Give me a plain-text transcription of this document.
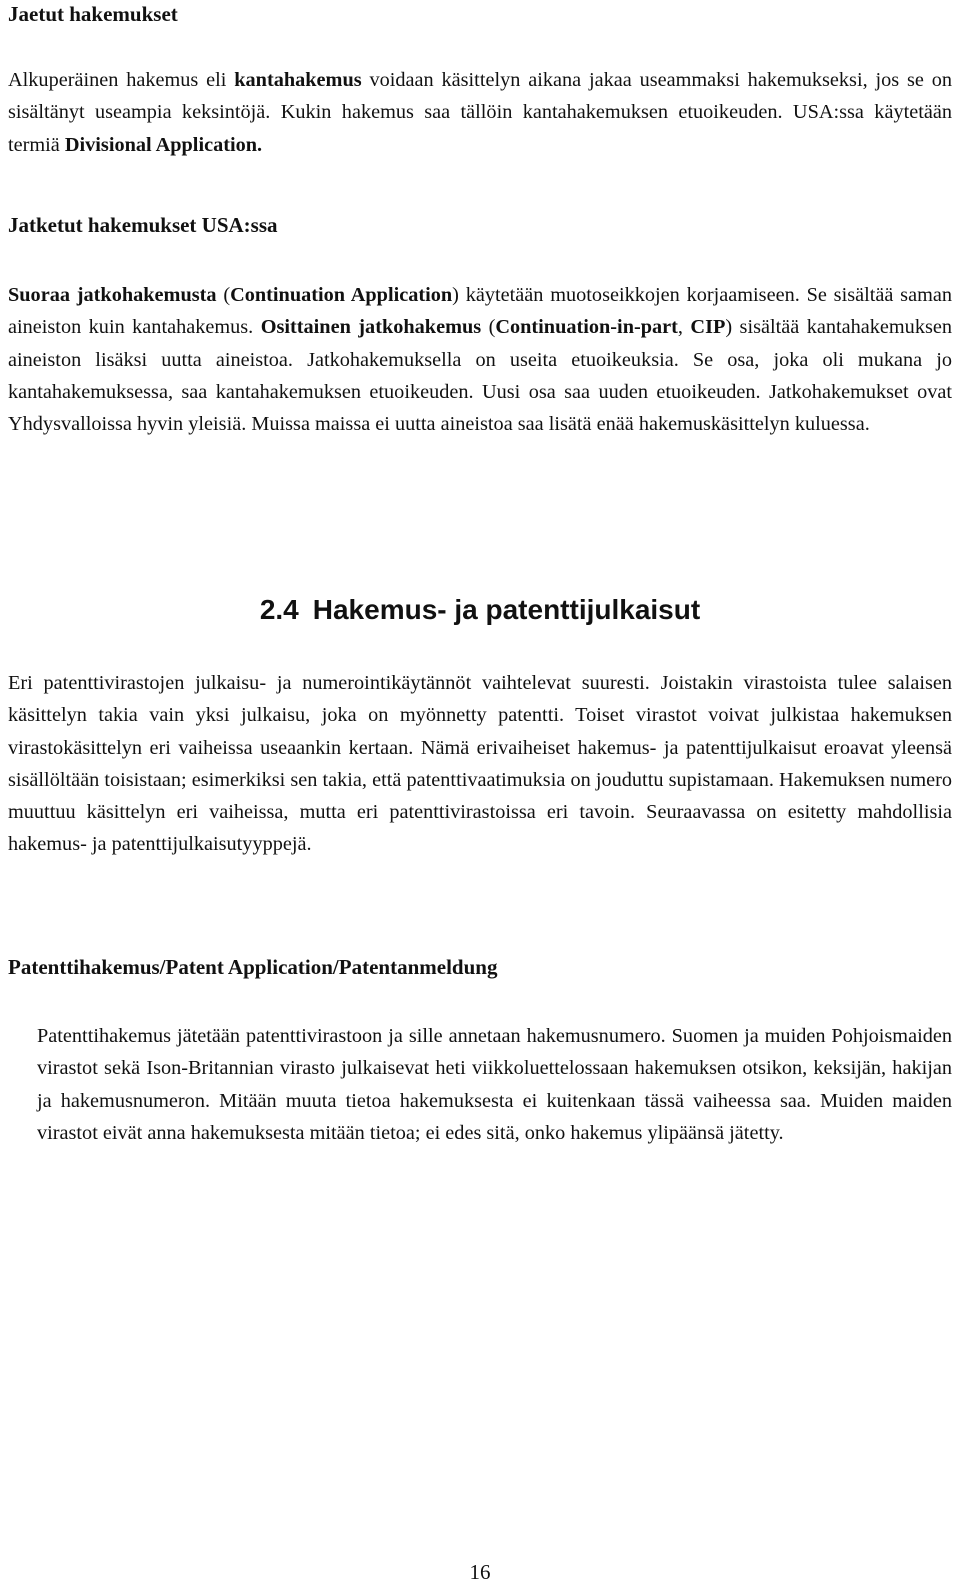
Jaetut hakemukset

Alkuperäinen hakemus eli kantahakemus voidaan käsittelyn aikana jakaa useammaksi hakemukseksi, jos se on sisältänyt useampia keksintöjä. Kukin hakemus saa tällöin kantahakemuksen etuoikeuden. USA:ssa käytetään termiä Divisional Application.

Jatketut hakemukset USA:ssa

Suoraa jatkohakemusta (Continuation Application) käytetään muotoseikkojen korjaamiseen. Se sisältää saman aineiston kuin kantahakemus. Osittainen jatkohakemus (Continuation-in-part, CIP) sisältää kantahakemuksen aineiston lisäksi uutta aineistoa. Jatkohakemuksella on useita etuoikeuksia. Se osa, joka oli mukana jo kantahakemuksessa, saa kantahakemuksen etuoikeuden. Uusi osa saa uuden etuoikeuden. Jatkohakemukset ovat Yhdysvalloissa hyvin yleisiä. Muissa maissa ei uutta aineistoa saa lisätä enää hakemuskäsittelyn kuluessa.

2.4 Hakemus- ja patenttijulkaisut

Eri patenttivirastojen julkaisu- ja numerointikäytännöt vaihtelevat suuresti. Joistakin virastoista tulee salaisen käsittelyn takia vain yksi julkaisu, joka on myönnetty patentti. Toiset virastot voivat julkistaa hakemuksen virastokäsittelyn eri vaiheissa useaankin kertaan. Nämä erivaiheiset hakemus- ja patenttijulkaisut eroavat yleensä sisällöltään toisistaan; esimerkiksi sen takia, että patenttivaatimuksia on jouduttu supistamaan. Hakemuksen numero muuttuu käsittelyn eri vaiheissa, mutta eri patenttivirastoissa eri tavoin. Seuraavassa on esitetty mahdollisia hakemus- ja patenttijulkaisutyyppejä.

Patenttihakemus/Patent Application/Patentanmeldung

Patenttihakemus jätetään patenttivirastoon ja sille annetaan hakemusnumero. Suomen ja muiden Pohjoismaiden virastot sekä Ison-Britannian virasto julkaisevat heti viikkoluettelossaan hakemuksen otsikon, keksijän, hakijan ja hakemusnumeron. Mitään muuta tietoa hakemuksesta ei kuitenkaan tässä vaiheessa saa. Muiden maiden virastot eivät anna hakemuksesta mitään tietoa; ei edes sitä, onko hakemus ylipäänsä jätetty.

16
